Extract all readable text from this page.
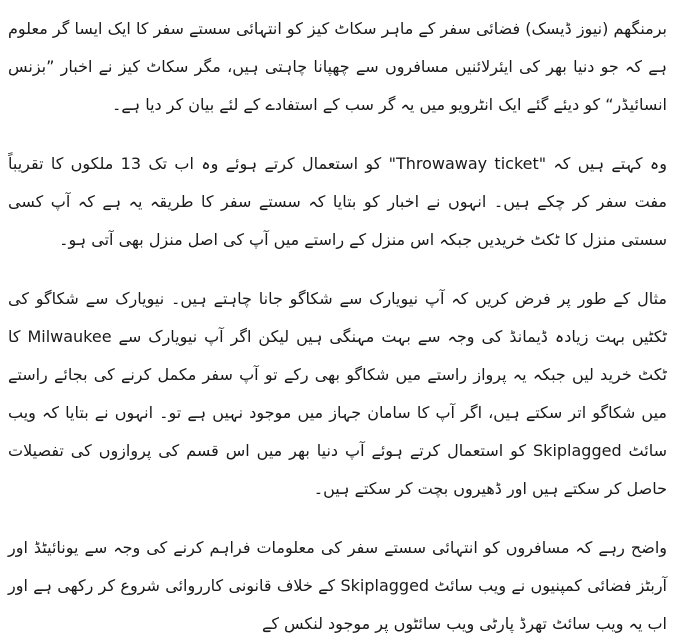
برمنگھم (نیوز ڈیسک) فضائی سفر کے ماہر سکاٹ کیز کو انتہائی سستے سفر کا ایک ایسا گر معلوم ہے کہ جو دنیا بھر کی ایئرلائنیں مسافروں سے چھپانا چاہتی ہیں، مگر سکاٹ کیز نے اخبار ”بزنس انسائیڈر“ کو دیئے گئے ایک انٹرویو میں یہ گر سب کے استفادے کے لئے بیان کر دیا ہے۔

وہ کہتے ہیں کہ "Throwaway ticket" کو استعمال کرتے ہوئے وہ اب تک 13 ملکوں کا تقریباً مفت سفر کر چکے ہیں۔ انہوں نے اخبار کو بتایا کہ سستے سفر کا طریقہ یہ ہے کہ آپ کسی سستی منزل کا ٹکٹ خریدیں جبکہ اس منزل کے راستے میں آپ کی اصل منزل بھی آتی ہو۔

مثال کے طور پر فرض کریں کہ آپ نیویارک سے شکاگو جانا چاہتے ہیں۔ نیویارک سے شکاگو کی ٹکٹیں بہت زیادہ ڈیمانڈ کی وجہ سے بہت مہنگی ہیں لیکن اگر آپ نیویارک سے Milwaukee کا ٹکٹ خرید لیں جبکہ یہ پرواز راستے میں شکاگو بھی رکے تو آپ سفر مکمل کرنے کی بجائے راستے میں شکاگو اتر سکتے ہیں، اگر آپ کا سامان جہاز میں موجود نہیں ہے تو۔ انہوں نے بتایا کہ ویب سائٹ Skiplagged کو استعمال کرتے ہوئے آپ دنیا بھر میں اس قسم کی پروازوں کی تفصیلات حاصل کر سکتے ہیں اور ڈھیروں بچت کر سکتے ہیں۔

واضح رہے کہ مسافروں کو انتہائی سستے سفر کی معلومات فراہم کرنے کی وجہ سے یونائیٹڈ اور آربٹز فضائی کمپنیوں نے ویب سائٹ Skiplagged کے خلاف قانونی کارروائی شروع کر رکھی ہے اور اب یہ ویب سائٹ تھرڈ پارٹی ویب سائٹوں پر موجود لنکس کے
